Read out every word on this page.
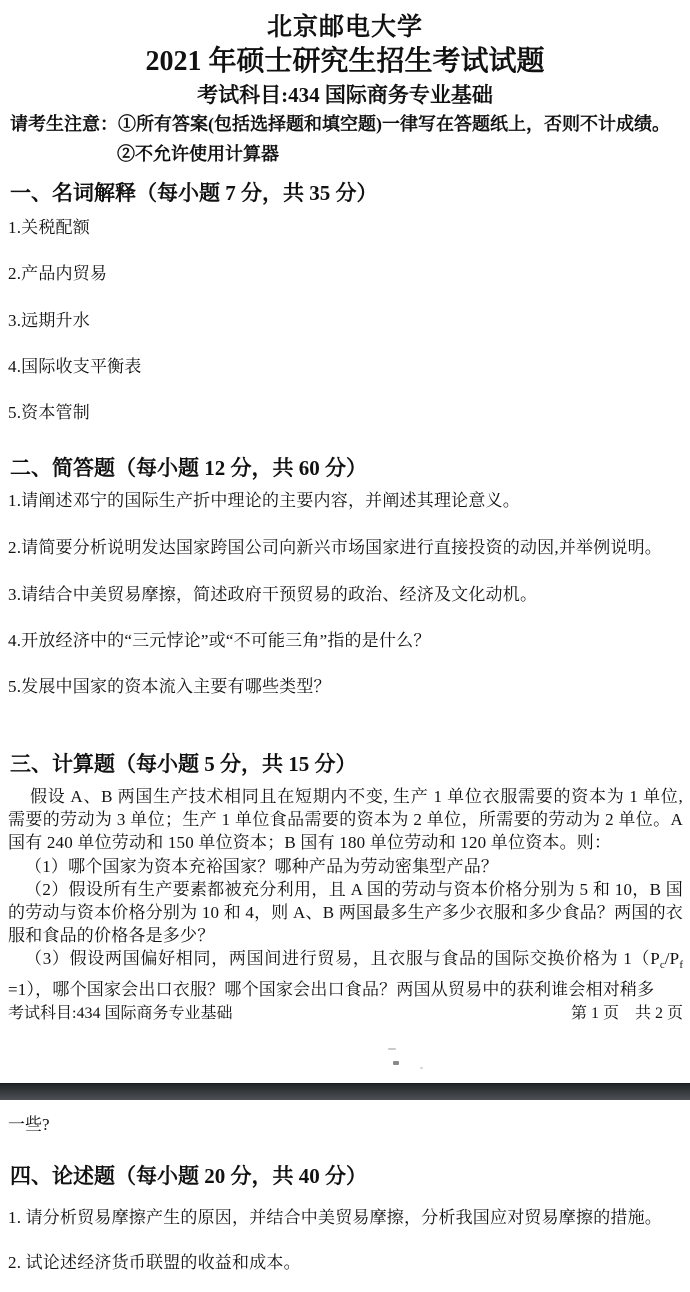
北京邮电大学
2021 年硕士研究生招生考试试题
考试科目:434 国际商务专业基础
请考生注意：①所有答案(包括选择题和填空题)一律写在答题纸上，否则不计成绩。
②不允许使用计算器
一、名词解释（每小题 7 分，共 35 分）
1.关税配额
2.产品内贸易
3.远期升水
4.国际收支平衡表
5.资本管制
二、简答题（每小题 12 分，共 60 分）
1.请阐述邓宁的国际生产折中理论的主要内容，并阐述其理论意义。
2.请简要分析说明发达国家跨国公司向新兴市场国家进行直接投资的动因,并举例说明。
3.请结合中美贸易摩擦，简述政府干预贸易的政治、经济及文化动机。
4.开放经济中的“三元悖论”或“不可能三角”指的是什么？
5.发展中国家的资本流入主要有哪些类型？
三、计算题（每小题 5 分，共 15 分）

假设 A、B 两国生产技术相同且在短期内不变, 生产 1 单位衣服需要的资本为 1 单位, 需要的劳动为 3 单位；生产 1 单位食品需要的资本为 2 单位，所需要的劳动为 2 单位。A 国有 240 单位劳动和 150 单位资本；B 国有 180 单位劳动和 120 单位资本。则：

（1）哪个国家为资本充裕国家？哪种产品为劳动密集型产品？

（2）假设所有生产要素都被充分利用，且 A 国的劳动与资本价格分别为 5 和 10，B 国的劳动与资本价格分别为 10 和 4，则 A、B 两国最多生产多少衣服和多少食品？两国的衣服和食品的价格各是多少？

（3）假设两国偏好相同，两国间进行贸易，且衣服与食品的国际交换价格为 $1(P_c/P_f =1)$，哪个国家会出口衣服？哪个国家会出口食品？两国从贸易中的获利谁会相对稍多

考试科目:434 国际商务专业基础	第 1 页　共 2 页
一些?
四、论述题（每小题 20 分，共 40 分）
1. 请分析贸易摩擦产生的原因，并结合中美贸易摩擦，分析我国应对贸易摩擦的措施。
2. 试论述经济货币联盟的收益和成本。
